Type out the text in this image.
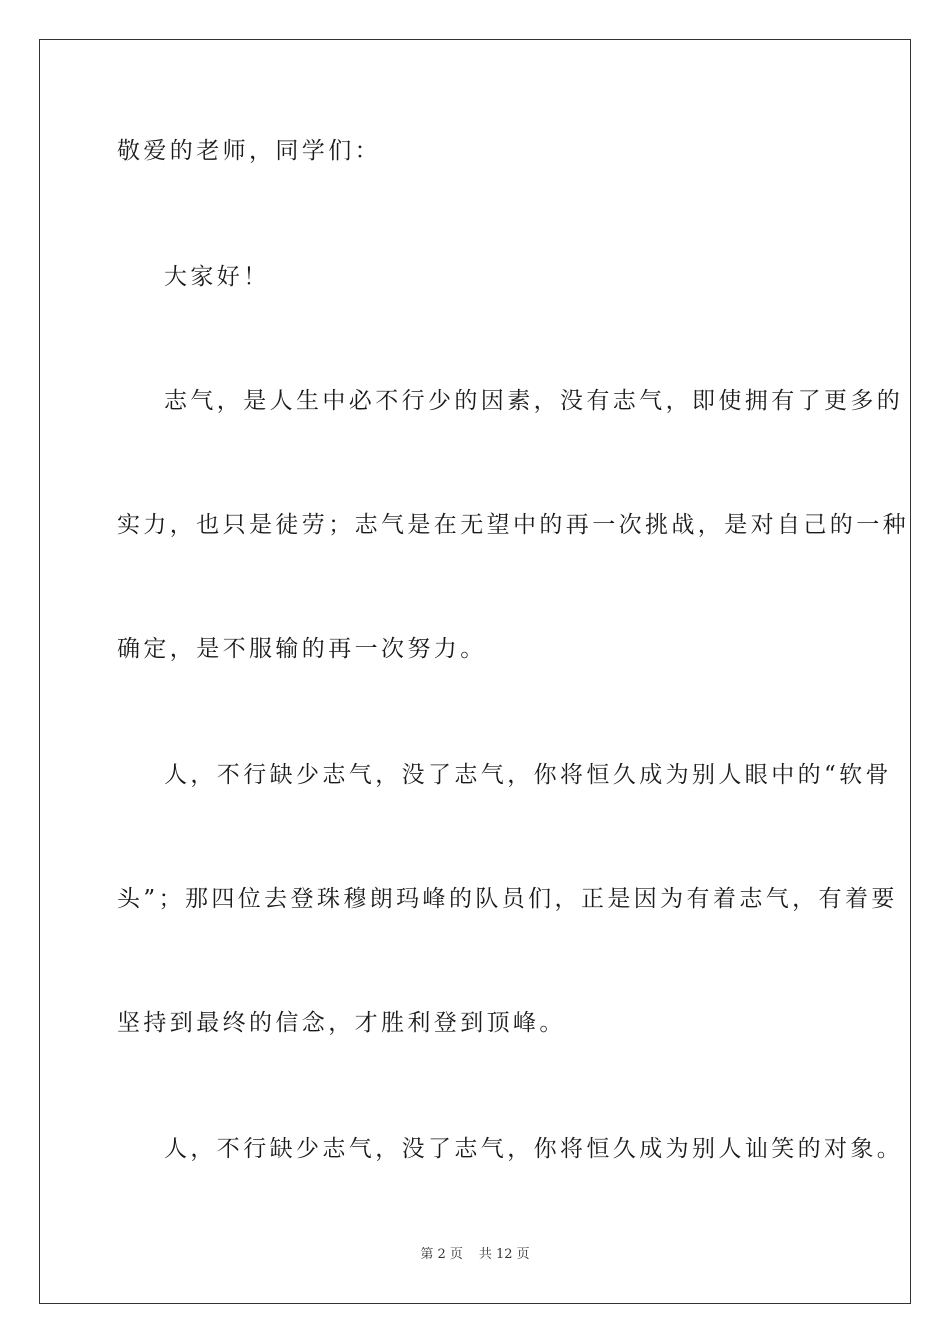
敬爱的老师，同学们：
大家好！
志气，是人生中必不行少的因素，没有志气，即使拥有了更多的
实力，也只是徒劳；志气是在无望中的再一次挑战，是对自己的一种
确定，是不服输的再一次努力。
人，不行缺少志气，没了志气，你将恒久成为别人眼中的“软骨
头”；那四位去登珠穆朗玛峰的队员们，正是因为有着志气，有着要
坚持到最终的信念，才胜利登到顶峰。
人，不行缺少志气，没了志气，你将恒久成为别人讪笑的对象。
第 2 页 共 12 页
